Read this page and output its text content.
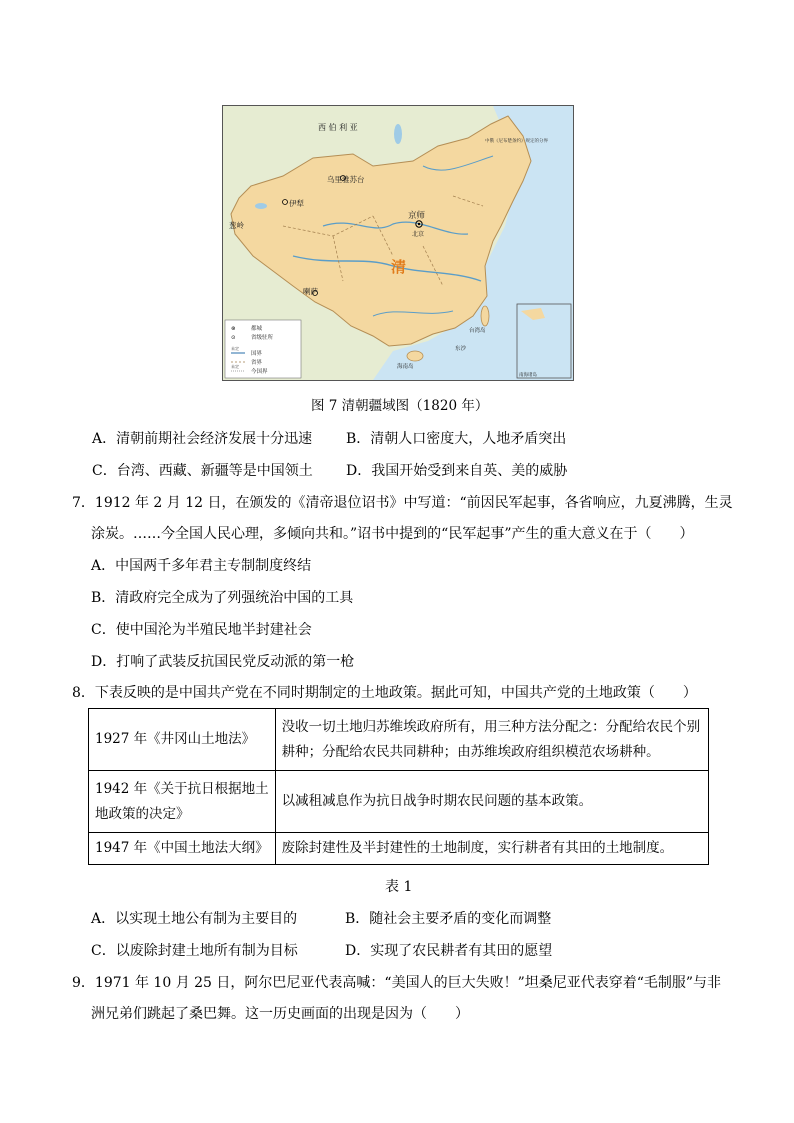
西 伯 利 亚
乌里雅苏台
伊犁
葱岭
京师
北京
清
喇萨
台湾岛
海南岛
东沙
南海诸岛
中俄《尼布楚条约》规定的分界
⊛
⊙
未定
未定
都城
省级驻所
国界
省界
今国界
图 7 清朝疆域图（1820 年）
A．清朝前期社会经济发展十分迅速 B．清朝人口密度大，人地矛盾突出
C．台湾、西藏、新疆等是中国领土 D．我国开始受到来自英、美的威胁
7．1912 年 2 月 12 日，在颁发的《清帝退位诏书》中写道：“前因民军起事，各省响应，九夏沸腾，生灵
涂炭。……今全国人民心理，多倾向共和。”诏书中提到的“民军起事”产生的重大意义在于（　　）
A．中国两千多年君主专制制度终结
B．清政府完全成为了列强统治中国的工具
C．使中国沦为半殖民地半封建社会
D．打响了武装反抗国民党反动派的第一枪
8．下表反映的是中国共产党在不同时期制定的土地政策。据此可知，中国共产党的土地政策（　　）
1927 年《井冈山土地法》	没收一切土地归苏维埃政府所有，用三种方法分配之：分配给农民个别耕种；分配给农民共同耕种；由苏维埃政府组织模范农场耕种。
1942 年《关于抗日根据地土地政策的决定》	以减租减息作为抗日战争时期农民问题的基本政策。
1947 年《中国土地法大纲》	废除封建性及半封建性的土地制度，实行耕者有其田的土地制度。
表 1
A．以实现土地公有制为主要目的	B．随社会主要矛盾的变化而调整
C．以废除封建土地所有制为目标	D．实现了农民耕者有其田的愿望
9．1971 年 10 月 25 日，阿尔巴尼亚代表高喊：“美国人的巨大失败！”坦桑尼亚代表穿着“毛制服”与非
洲兄弟们跳起了桑巴舞。这一历史画面的出现是因为（　　）
